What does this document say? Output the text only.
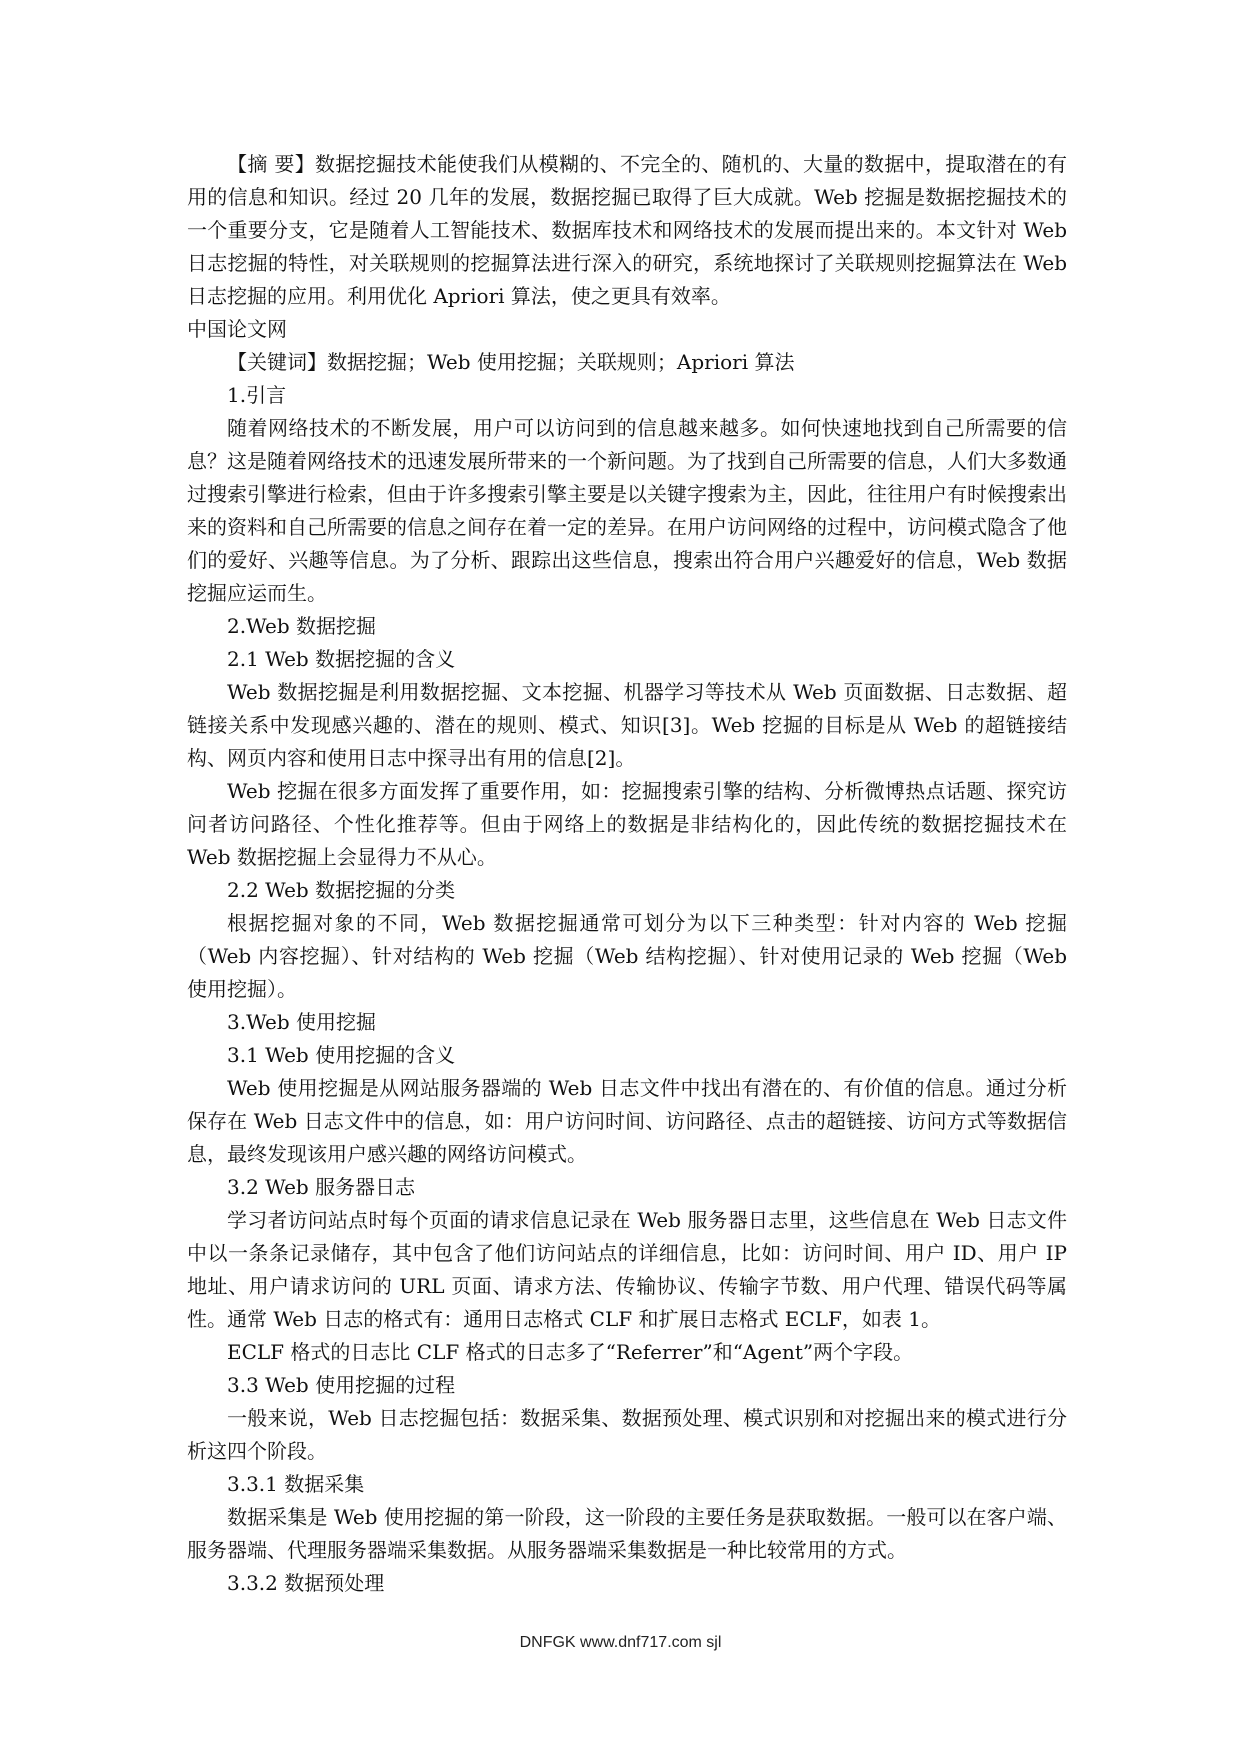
【摘 要】数据挖掘技术能使我们从模糊的、不完全的、随机的、大量的数据中，提取潜在的有用的信息和知识。经过 20 几年的发展，数据挖掘已取得了巨大成就。Web 挖掘是数据挖掘技术的一个重要分支，它是随着人工智能技术、数据库技术和网络技术的发展而提出来的。本文针对 Web 日志挖掘的特性，对关联规则的挖掘算法进行深入的研究，系统地探讨了关联规则挖掘算法在 Web 日志挖掘的应用。利用优化 Apriori 算法，使之更具有效率。

中国论文网

【关键词】数据挖掘；Web 使用挖掘；关联规则；Apriori 算法

1.引言

随着网络技术的不断发展，用户可以访问到的信息越来越多。如何快速地找到自己所需要的信息？这是随着网络技术的迅速发展所带来的一个新问题。为了找到自己所需要的信息，人们大多数通过搜索引擎进行检索，但由于许多搜索引擎主要是以关键字搜索为主，因此，往往用户有时候搜索出来的资料和自己所需要的信息之间存在着一定的差异。在用户访问网络的过程中，访问模式隐含了他们的爱好、兴趣等信息。为了分析、跟踪出这些信息，搜索出符合用户兴趣爱好的信息，Web 数据挖掘应运而生。

2.Web 数据挖掘

2.1 Web 数据挖掘的含义

Web 数据挖掘是利用数据挖掘、文本挖掘、机器学习等技术从 Web 页面数据、日志数据、超链接关系中发现感兴趣的、潜在的规则、模式、知识[3]。Web 挖掘的目标是从 Web 的超链接结构、网页内容和使用日志中探寻出有用的信息[2]。

Web 挖掘在很多方面发挥了重要作用，如：挖掘搜索引擎的结构、分析微博热点话题、探究访问者访问路径、个性化推荐等。但由于网络上的数据是非结构化的，因此传统的数据挖掘技术在 Web 数据挖掘上会显得力不从心。

2.2 Web 数据挖掘的分类

根据挖掘对象的不同，Web 数据挖掘通常可划分为以下三种类型：针对内容的 Web 挖掘（Web 内容挖掘）、针对结构的 Web 挖掘（Web 结构挖掘）、针对使用记录的 Web 挖掘（Web 使用挖掘）。

3.Web 使用挖掘

3.1 Web 使用挖掘的含义

Web 使用挖掘是从网站服务器端的 Web 日志文件中找出有潜在的、有价值的信息。通过分析保存在 Web 日志文件中的信息，如：用户访问时间、访问路径、点击的超链接、访问方式等数据信息，最终发现该用户感兴趣的网络访问模式。

3.2 Web 服务器日志

学习者访问站点时每个页面的请求信息记录在 Web 服务器日志里，这些信息在 Web 日志文件中以一条条记录储存，其中包含了他们访问站点的详细信息，比如：访问时间、用户 ID、用户 IP 地址、用户请求访问的 URL 页面、请求方法、传输协议、传输字节数、用户代理、错误代码等属性。通常 Web 日志的格式有：通用日志格式 CLF 和扩展日志格式 ECLF，如表 1。

ECLF 格式的日志比 CLF 格式的日志多了“Referrer”和“Agent”两个字段。

3.3 Web 使用挖掘的过程

一般来说，Web 日志挖掘包括：数据采集、数据预处理、模式识别和对挖掘出来的模式进行分析这四个阶段。

3.3.1 数据采集

数据采集是 Web 使用挖掘的第一阶段，这一阶段的主要任务是获取数据。一般可以在客户端、服务器端、代理服务器端采集数据。从服务器端采集数据是一种比较常用的方式。

3.3.2 数据预处理

DNFGK www.dnf717.com sjl
